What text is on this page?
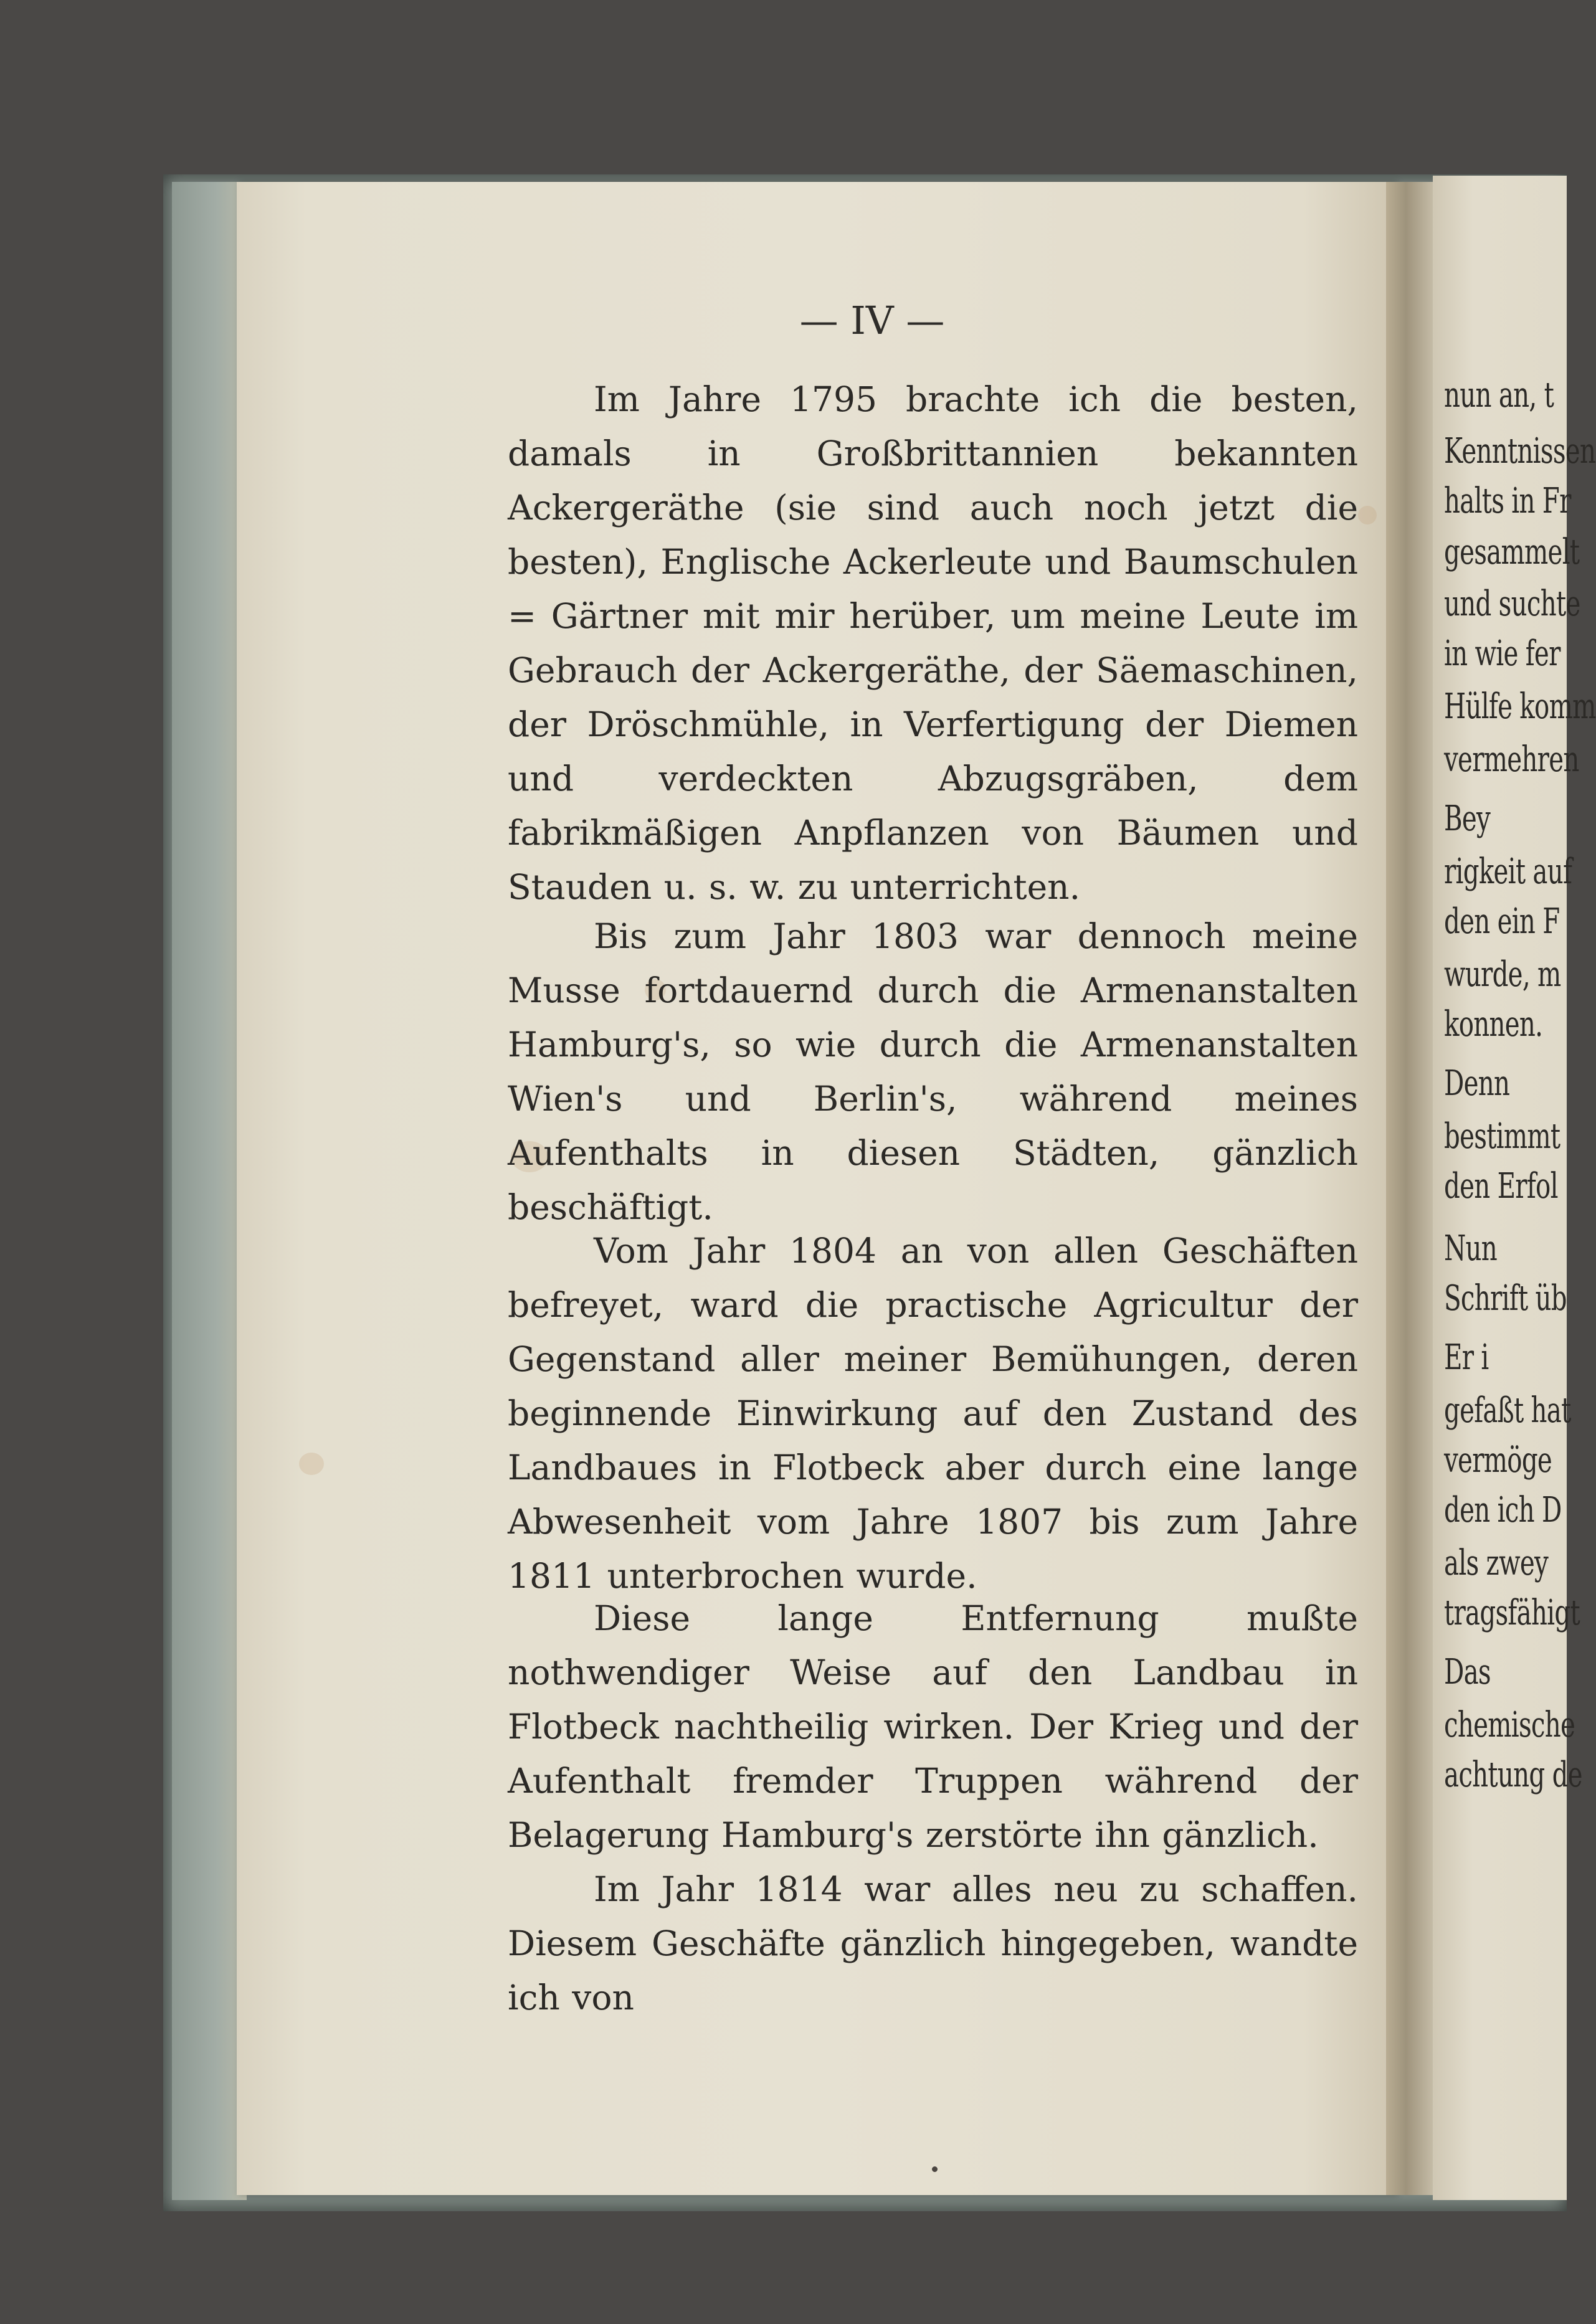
nun an, t
Kenntnissen
halts in Fr
gesammelt
und suchte
in wie fer
Hülfe komm
vermehren
Bey
rigkeit auf
den ein F
wurde, m
konnen.
Denn
bestimmt
den Erfol
Nun
Schrift üb
Er i
gefaßt hat
vermöge
den ich D
als zwey
tragsfähigt
Das
chemische
achtung de
— IV —
Im Jahre 1795 brachte ich die besten, damals in Großbrittannien bekannten Ackergeräthe (sie sind auch noch jetzt die besten), Englische Ackerleute und Baumschulen = Gärtner mit mir herüber, um meine Leute im Gebrauch der Ackergeräthe, der Säemaschinen, der Dröschmühle, in Verfertigung der Diemen und verdeckten Abzugsgräben, dem fabrikmäßigen Anpflanzen von Bäumen und Stauden u. s. w. zu unterrichten.
Bis zum Jahr 1803 war dennoch meine Musse fortdauernd durch die Armenanstalten Hamburg's, so wie durch die Armenanstalten Wien's und Berlin's, während meines Aufenthalts in diesen Städten, gänzlich beschäftigt.
Vom Jahr 1804 an von allen Geschäften befreyet, ward die practische Agricultur der Gegenstand aller meiner Bemühungen, deren beginnende Einwirkung auf den Zustand des Landbaues in Flotbeck aber durch eine lange Abwesenheit vom Jahre 1807 bis zum Jahre 1811 unterbrochen wurde.
Diese lange Entfernung mußte nothwendiger Weise auf den Landbau in Flotbeck nachtheilig wirken. Der Krieg und der Aufenthalt fremder Truppen während der Belagerung Hamburg's zerstörte ihn gänzlich.
Im Jahr 1814 war alles neu zu schaffen. Diesem Geschäfte gänzlich hingegeben, wandte ich von
